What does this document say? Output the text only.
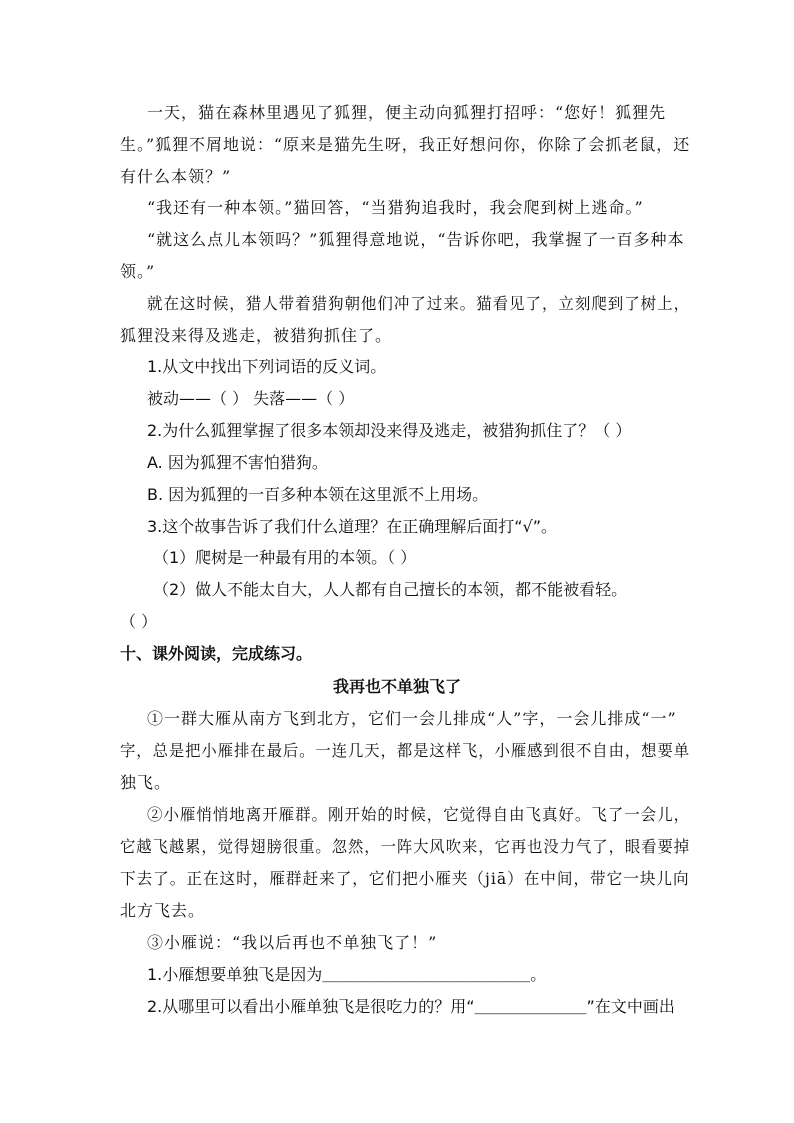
一天，猫在森林里遇见了狐狸，便主动向狐狸打招呼：“您好！狐狸先
生。”狐狸不屑地说：“原来是猫先生呀，我正好想问你，你除了会抓老鼠，还
有什么本领？”
“我还有一种本领。”猫回答，“当猎狗追我时，我会爬到树上逃命。”
“就这么点儿本领吗？”狐狸得意地说，“告诉你吧，我掌握了一百多种本
领。”
就在这时候，猎人带着猎狗朝他们冲了过来。猫看见了，立刻爬到了树上，
狐狸没来得及逃走，被猎狗抓住了。
1.从文中找出下列词语的反义词。
被动——（ ） 失落——（ ）
2.为什么狐狸掌握了很多本领却没来得及逃走，被猎狗抓住了？（ ）
A. 因为狐狸不害怕猎狗。
B. 因为狐狸的一百多种本领在这里派不上用场。
3.这个故事告诉了我们什么道理？在正确理解后面打“√”。
（1）爬树是一种最有用的本领。（ ）
（2）做人不能太自大，人人都有自己擅长的本领，都不能被看轻。
（ ）
十、课外阅读，完成练习。
我再也不单独飞了
①一群大雁从南方飞到北方，它们一会儿排成“人”字，一会儿排成“一”
字，总是把小雁排在最后。一连几天，都是这样飞，小雁感到很不自由，想要单
独飞。
②小雁悄悄地离开雁群。刚开始的时候，它觉得自由飞真好。飞了一会儿，
它越飞越累，觉得翅膀很重。忽然，一阵大风吹来，它再也没力气了，眼看要掉
下去了。正在这时，雁群赶来了，它们把小雁夹（jiā）在中间，带它一块儿向
北方飞去。
③小雁说：“我以后再也不单独飞了！”
1.小雁想要单独飞是因为＿＿＿＿＿＿＿＿＿＿＿＿＿。
2.从哪里可以看出小雁单独飞是很吃力的？用“＿＿＿＿＿＿＿”在文中画出
